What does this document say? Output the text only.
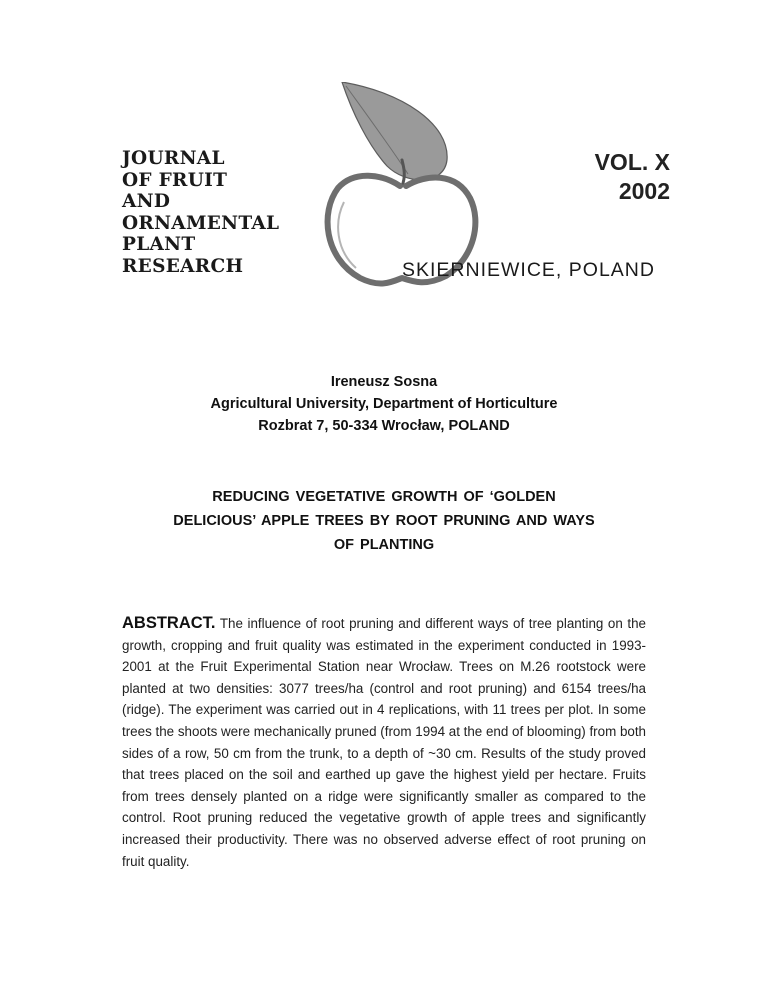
JOURNAL
OF FRUIT
AND
ORNAMENTAL
PLANT
RESEARCH
VOL. X
2002
SKIERNIEWICE, POLAND
Ireneusz Sosna
Agricultural University, Department of Horticulture
Rozbrat 7, 50-334 Wrocław, POLAND
REDUCING VEGETATIVE GROWTH OF ‘GOLDEN
DELICIOUS’ APPLE TREES BY ROOT PRUNING AND WAYS
OF PLANTING
ABSTRACT. The influence of root pruning and different ways of tree planting on the growth, cropping and fruit quality was estimated in the experiment conducted in 1993-2001 at the Fruit Experimental Station near Wrocław. Trees on M.26 rootstock were planted at two densities: 3077 trees/ha (control and root pruning) and 6154 trees/ha (ridge). The experiment was carried out in 4 replications, with 11 trees per plot. In some trees the shoots were mechanically pruned (from 1994 at the end of blooming) from both sides of a row, 50 cm from the trunk, to a depth of ~30 cm. Results of the study proved that trees placed on the soil and earthed up gave the highest yield per hectare. Fruits from trees densely planted on a ridge were significantly smaller as compared to the control. Root pruning reduced the vegetative growth of apple trees and significantly increased their productivity. There was no observed adverse effect of root pruning on fruit quality.
